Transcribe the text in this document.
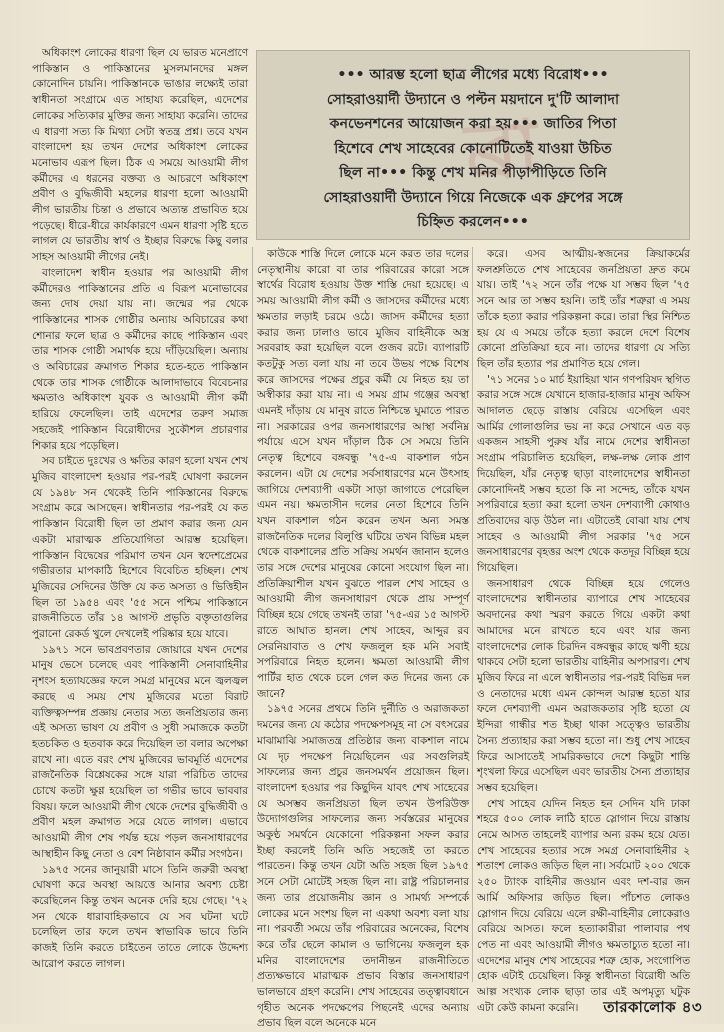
অধিকাংশ লোকের ধারণা ছিল যে ভারত মনেপ্রাণে পাকিস্তান ও পাকিস্তানের মুসলমানদের মঙ্গল কোনোদিন চায়নি। পাকিস্তানকে ভাঙার লক্ষ্যেই তারা স্বাধীনতা সংগ্রামে এত সাহায্য করেছিল, এদেশের লোকের সত্যিকার মুক্তির জন্য সাহায্য করেনি। তাদের এ ধারণা সত্য কি মিথ্যা সেটা স্বতন্ত্র প্রশ্ন। তবে যখন বাংলাদেশ হয় তখন দেশের অধিকাংশ লোকের মনোভাব এরূপ ছিল। ঠিক এ সময়ে আওয়ামী লীগ কর্মীদের এ ধরনের বক্তব্য ও আচরণে অধিকাংশ প্রবীণ ও বুদ্ধিজীবী মহলের ধারণা হলো আওয়ামী লীগ ভারতীয় চিন্তা ও প্রভাবে অত্যন্ত প্রভাবিত হয়ে পড়েছে। ধীরে-ধীরে কার্যকারণে এমন ধারণা সৃষ্টি হতে লাগল যে ভারতীয় স্বার্থ ও ইচ্ছার বিরুদ্ধে কিছু বলার সাহস আওয়ামী লীগের নেই।

বাংলাদেশ স্বাধীন হওয়ার পর আওয়ামী লীগ কর্মীদেরও পাকিস্তানের প্রতি এ বিরূপ মনোভাবের জন্য দোষ দেয়া যায় না। জন্মের পর থেকে পাকিস্তানের শাসক গোষ্ঠীর অন্যায় অবিচারের কথা শোনার ফলে ছাত্র ও কর্মীদের কাছে পাকিস্তান এবং তার শাসক গোষ্ঠী সমার্থক হয়ে দাঁড়িয়েছিল। অন্যায় ও অবিচারের ক্রমাগত শিকার হতে-হতে পাকিস্তান থেকে তার শাসক গোষ্ঠীকে আলাদাভাবে বিবেচনার ক্ষমতাও অধিকাংশ যুবক ও আওয়ামী লীগ কর্মী হারিয়ে ফেলেছিল। তাই এদেশের তরুণ সমাজ সহজেই পাকিস্তান বিরোধীদের সুকৌশল প্রচারণার শিকার হয়ে পড়েছিল।

সব চাইতে দুঃখের ও ক্ষতির কারণ হলো যখন শেখ মুজিব বাংলাদেশ হওয়ার পর-পরই ঘোষণা করলেন যে ১৯৪৮ সন থেকেই তিনি পাকিস্তানের বিরুদ্ধে সংগ্রাম করে আসছেন। স্বাধীনতার পর-পরই যে কত পাকিস্তান বিরোধী ছিল তা প্রমাণ করার জন্য যেন একটা মারাত্মক প্রতিযোগিতা আরম্ভ হয়েছিল। পাকিস্তান বিদ্বেষের পরিমাণ তখন যেন স্বদেশপ্রেমের গভীরতার মাপকাঠি হিশেবে বিবেচিত হচ্ছিল। শেখ মুজিবের সেদিনের উক্তি যে কত অসত্য ও ভিত্তিহীন ছিল তা ১৯৫৪ এবং '৫৫ সনে পশ্চিম পাকিস্তানে রাজনীতিতে তাঁর ১৪ আগস্ট প্রভৃতি বক্তৃতাগুলির পুরানো রেকর্ড খুলে দেখলেই পরিষ্কার হয়ে যাবে।

১৯৭১ সনে ভাবপ্রবণতার জোয়ারে যখন দেশের মানুষ ভেসে চলেছে এবং পাকিস্তানী সেনাবাহিনীর নৃশংস হত্যাযজ্ঞের ফলে সমগ্র মানুষের মনে জ্বলজ্বল করছে এ সময় শেখ মুজিবের মতো বিরাট ব্যক্তিত্বসম্পন্ন প্রজ্ঞায় নেতার সত্য জনপ্রিয়তার জন্য এই অসত্য ভাষণ যে প্রবীণ ও সুধী সমাজকে কতটা হতচকিত ও হতবাক করে দিয়েছিল তা বলার অপেক্ষা রাখে না। এতে বরং শেখ মুজিবের ভাবমূর্তি এদেশের রাজনৈতিক বিশ্লেষকের সঙ্গে যারা পরিচিত তাদের চোখে কতটা ক্ষুণ্ণ হয়েছিল তা গভীর ভাবে ভাববার বিষয়। ফলে আওয়ামী লীগ থেকে দেশের বুদ্ধিজীবী ও প্রবীণ মহল ক্রমাগত সরে যেতে লাগল। এভাবে আওয়ামী লীগ শেষ পর্যন্ত হয়ে পড়ল জনসাধারণের আস্থাহীন কিছু নেতা ও বেশ নিষ্ঠাবান কর্মীর সংগঠন।

১৯৭৫ সনের জানুয়ারী মাসে তিনি জরুরী অবস্থা ঘোষণা করে অবস্থা আয়ত্তে আনার অবশ্য চেষ্টা করেছিলেন কিন্তু তখন অনেক দেরি হয়ে গেছে। '৭২ সন থেকে ধারাবাহিকভাবে যে সব ঘটনা ঘটে চলেছিল তার ফলে তখন স্বাভাবিক ভাবে তিনি কাজই তিনি করতে চাইতেন তাতে লোকে উদ্দেশ্য আরোপ করতে লাগল।

ব্রা

••• আরম্ভ হলো ছাত্র লীগের মধ্যে বিরোধ•••

সোহরাওয়ার্দী উদ্যানে ও পল্টন ময়দানে দু'টি আলাদা

কনভেনশনের আয়োজন করা হয়••• জাতির পিতা

হিশেবে শেখ সাহেবের কোনোটিতেই যাওয়া উচিত

ছিল না••• কিন্তু শেখ মনির পীড়াপীড়িতে তিনি

সোহরাওয়ার্দী উদ্যানে গিয়ে নিজেকে এক গ্রুপের সঙ্গে

চিহ্নিত করলেন•••

কাউকে শাস্তি দিলে লোকে মনে করত তার দলের নেতৃস্থানীয় কারো বা তার পরিবারের কারো সঙ্গে স্বার্থের বিরোধ হওয়ায় উক্ত শাস্তি দেয়া হয়েছে। এ সময় আওয়ামী লীগ কর্মী ও জাসদের কর্মীদের মধ্যে ক্ষমতার লড়াই চরমে ওঠে। জাসদ কর্মীদের হত্যা করার জন্য ঢালাও ভাবে মুজিব বাহিনীকে অস্ত্র সরবরাহ করা হয়েছিল বলে গুজব রটে। ব্যাপারটি কতটুকু সত্য বলা যায় না তবে উভয় পক্ষে বিশেষ করে জাসদের পক্ষের প্রচুর কর্মী যে নিহত হয় তা অস্বীকার করা যায় না। এ সময় গ্রাম গঞ্জের অবস্থা এমনই দাঁড়ায় যে মানুষ রাতে নিশ্চিন্তে ঘুমাতে পারত না। সরকারের ওপর জনসাধারণের আস্থা সর্বনিম্ন পর্যায়ে এসে যখন দাঁড়াল ঠিক সে সময়ে তিনি নেতৃত্ব হিশেবে বঙ্গবন্ধু '৭৫-এ বাকশাল গঠন করলেন। এটা যে দেশের সর্বসাধারণের মনে উৎসাহ জাগিয়ে দেশব্যাপী একটা সাড়া জাগাতে পেরেছিল এমন নয়। ক্ষমতাসীন দলের নেতা হিশেবে তিনি যখন বাকশাল গঠন করেন তখন অন্য সমস্ত রাজনৈতিক দলের বিলুপ্তি ঘটিয়ে তখন বিভিন্ন মহল থেকে বাকশালের প্রতি সক্রিয় সমর্থন জানান হলেও তার সঙ্গে দেশের মানুষের কোনো সংযোগ ছিল না। প্রতিক্রিয়াশীল যখন বুঝতে পারল শেখ সাহেব ও আওয়ামী লীগ জনসাধারণ থেকে প্রায় সম্পূর্ণ বিচ্ছিন্ন হয়ে গেছে তখনই তারা '৭৫-এর ১৫ আগস্ট রাতে আঘাত হানল। শেখ সাহেব, আব্দুর রব সেরনিয়াবাত ও শেখ ফজলুল হক মনি সবাই সপরিবারে নিহত হলেন। ক্ষমতা আওয়ামী লীগ পার্টির হাত থেকে চলে গেল কত দিনের জন্য কে জানে?

১৯৭৫ সনের প্রথমে তিনি দুর্নীতি ও অরাজকতা দমনের জন্য যে কঠোর পদক্ষেপসমূহ না সে বৎসরের মাঝামাঝি সমাজতন্ত্র প্রতিষ্ঠার জন্য বাকশাল নামে যে দৃঢ় পদক্ষেপ নিয়েছিলেন এর সবগুলিরই সাফল্যের জন্য প্রচুর জনসমর্থন প্রয়োজন ছিল। বাংলাদেশ হওয়ার পর কিছুদিন যাবৎ শেখ সাহেবের যে অসম্ভব জনপ্রিয়তা ছিল তখন উপরিউক্ত উদ্যোগগুলির সাফল্যের জন্য সর্বস্তরের মানুষের অকুণ্ঠ সমর্থনে যেকোনো পরিকল্পনা সফল করার ইচ্ছা করলেই তিনি অতি সহজেই তা করতে পারতেন। কিন্তু তখন যেটা অতি সহজ ছিল ১৯৭৫ সনে সেটা মোটেই সহজ ছিল না। রাষ্ট্র পরিচালনার জন্য তার প্রয়োজনীয় জ্ঞান ও সামর্থ্য সম্পর্কে লোকের মনে সংশয় ছিল না একথা অবশ্য বলা যায় না। পরবর্তী সময়ে তাঁর পরিবারের অনেকের, বিশেষ করে তাঁর ছেলে কামাল ও ভাগিনেয় ফজলুল হক মনির বাংলাদেশের তদানীন্তন রাজনীতিতে প্রত্যক্ষভাবে মারাত্মক প্রভাব বিস্তার জনসাধারণ ভালভাবে গ্রহণ করেনি। শেখ সাহেবের তত্ত্বাবধানে গৃহীত অনেক পদক্ষেপের পিছনেই এদের অন্যায় প্রভাব ছিল বলে অনেকে মনে

করে। এসব আত্মীয়-স্বজনের ক্রিয়াকর্মের ফলশ্রুতিতে শেখ সাহেবের জনপ্রিয়তা দ্রুত কমে যায়। তাই '৭২ সনে তাঁর পক্ষে যা সম্ভব ছিল '৭৫ সনে আর তা সম্ভব হয়নি। তাই তাঁর শত্রুরা এ সময় তাঁকে হত্যা করার পরিকল্পনা করে। তারা স্থির নিশ্চিত হয় যে এ সময়ে তাঁকে হত্যা করলে দেশে বিশেষ কোনো প্রতিক্রিয়া হবে না। তাদের ধারণা যে সত্যি ছিল তাঁর হত্যার পর প্রমাণিত হয়ে গেল।

'৭১ সনের ১০ মার্চ ইয়াহিয়া খান গণপরিষদ স্থগিত করার সঙ্গে সঙ্গে যেখানে হাজার-হাজার মানুষ অফিস আদালত ছেড়ে রাস্তায় বেরিয়ে এসেছিল এবং আর্মির গোলাগুলির ভয় না করে সেখানে এত বড় একজন সাহসী পুরুষ যাঁর নামে দেশের স্বাধীনতা সংগ্রাম পরিচালিত হয়েছিল, লক্ষ-লক্ষ লোক প্রাণ দিয়েছিল, যাঁর নেতৃত্ব ছাড়া বাংলাদেশের স্বাধীনতা কোনোদিনই সম্ভব হতো কি না সন্দেহ, তাঁকে যখন সপরিবারে হত্যা করা হলো তখন দেশব্যাপী কোথাও প্রতিবাদের ঝড় উঠল না। এটাতেই বোঝা যায় শেখ সাহেব ও আওয়ামী লীগ সরকার '৭৫ সনে জনসাধারণের বৃহত্তর অংশ থেকে কতদূর বিচ্ছিন্ন হয়ে গিয়েছিল।

জনসাধারণ থেকে বিচ্ছিন্ন হয়ে গেলেও বাংলাদেশের স্বাধীনতার ব্যাপারে শেখ সাহেবের অবদানের কথা স্মরণ করতে গিয়ে একটা কথা আমাদের মনে রাখতে হবে এবং যার জন্য বাংলাদেশের লোক চিরদিন বঙ্গবন্ধুর কাছে ঋণী হয়ে থাকবে সেটা হলো ভারতীয় বাহিনীর অপসারণ। শেখ মুজিব ফিরে না এলে স্বাধীনতার পর-পরই বিভিন্ন দল ও নেতাদের মধ্যে এমন কোন্দল আরম্ভ হতো যার ফলে দেশব্যাপী এমন অরাজকতার সৃষ্টি হতো যে ইন্দিরা গান্ধীর শত ইচ্ছা থাকা সত্ত্বেও ভারতীয় সৈন্য প্রত্যাহার করা সম্ভব হতো না। শুধু শেখ সাহেব ফিরে আসাতেই সামরিকভাবে দেশে কিছুটা শান্তি শৃংখলা ফিরে এসেছিল এবং ভারতীয় সৈন্য প্রত্যাহার সম্ভব হয়েছিল।

শেখ সাহেব যেদিন নিহত হন সেদিন যদি ঢাকা শহরে ৫০০ লোক লাঠি হাতে স্লোগান দিয়ে রাস্তায় নেমে আসত তাহলেই ব্যাপার অন্য রকম হয়ে যেত। শেখ সাহেবের হত্যার সঙ্গে সমগ্র সেনাবাহিনীর ২ শতাংশ লোকও জড়িত ছিল না। সর্বমোট ২০০ থেকে ২৫০ ট্যাংক বাহিনীর জওয়ান এবং দশ-বার জন আর্মি অফিসার জড়িত ছিল। পাঁচশত লোকও স্লোগান দিয়ে বেরিয়ে এলে রক্ষী-বাহিনীর লোকেরাও বেরিয়ে আসত। ফলে হত্যাকারীরা পালাবার পথ পেত না এবং আওয়ামী লীগও ক্ষমতাচ্যুত হতো না। এদেশের মানুষ শেখ সাহেবের শত্রু হোক, সংগোপিত হোক এটাই চেয়েছিল। কিন্তু স্বাধীনতা বিরোধী অতি আল্প সংখ্যক লোক ছাড়া তার এই অপমৃত্যু ঘটুক এটা কেউ কামনা করেনি।	তারকালোক ৪৩
